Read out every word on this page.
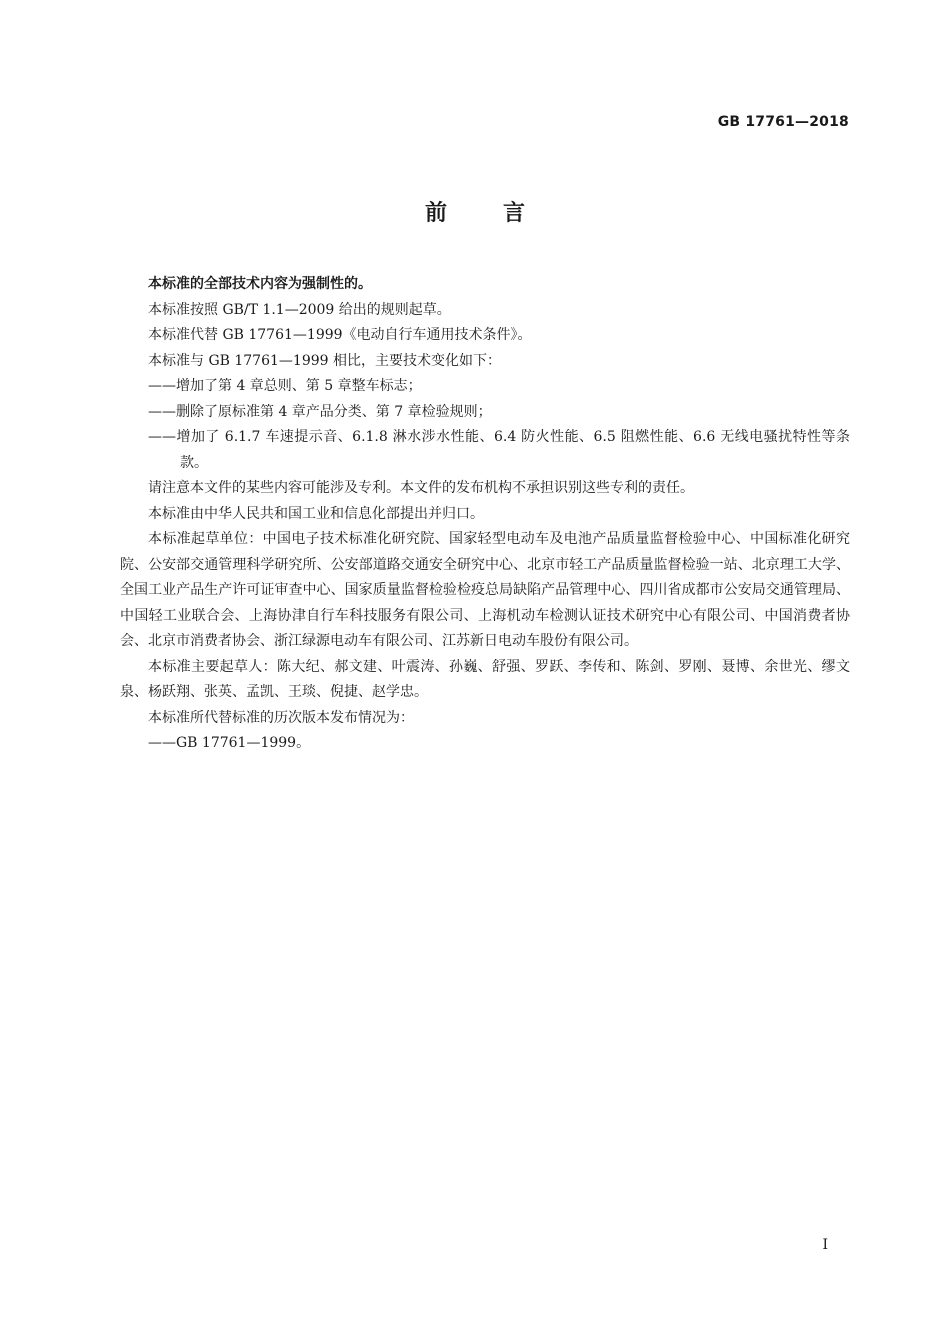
GB 17761—2018
前言

本标准的全部技术内容为强制性的。

本标准按照 GB/T 1.1—2009 给出的规则起草。

本标准代替 GB 17761—1999《电动自行车通用技术条件》。

本标准与 GB 17761—1999 相比，主要技术变化如下：

——增加了第 4 章总则、第 5 章整车标志；

——删除了原标准第 4 章产品分类、第 7 章检验规则；

——增加了 6.1.7 车速提示音、6.1.8 淋水涉水性能、6.4 防火性能、6.5 阻燃性能、6.6 无线电骚扰特性等条款。

请注意本文件的某些内容可能涉及专利。本文件的发布机构不承担识别这些专利的责任。

本标准由中华人民共和国工业和信息化部提出并归口。

本标准起草单位：中国电子技术标准化研究院、国家轻型电动车及电池产品质量监督检验中心、中国标准化研究院、公安部交通管理科学研究所、公安部道路交通安全研究中心、北京市轻工产品质量监督检验一站、北京理工大学、全国工业产品生产许可证审查中心、国家质量监督检验检疫总局缺陷产品管理中心、四川省成都市公安局交通管理局、中国轻工业联合会、上海协津自行车科技服务有限公司、上海机动车检测认证技术研究中心有限公司、中国消费者协会、北京市消费者协会、浙江绿源电动车有限公司、江苏新日电动车股份有限公司。

本标准主要起草人：陈大纪、郝文建、叶震涛、孙巍、舒强、罗跃、李传和、陈剑、罗刚、聂博、余世光、缪文泉、杨跃翔、张英、孟凯、王琰、倪捷、赵学忠。

本标准所代替标准的历次版本发布情况为：

——GB 17761—1999。

I
